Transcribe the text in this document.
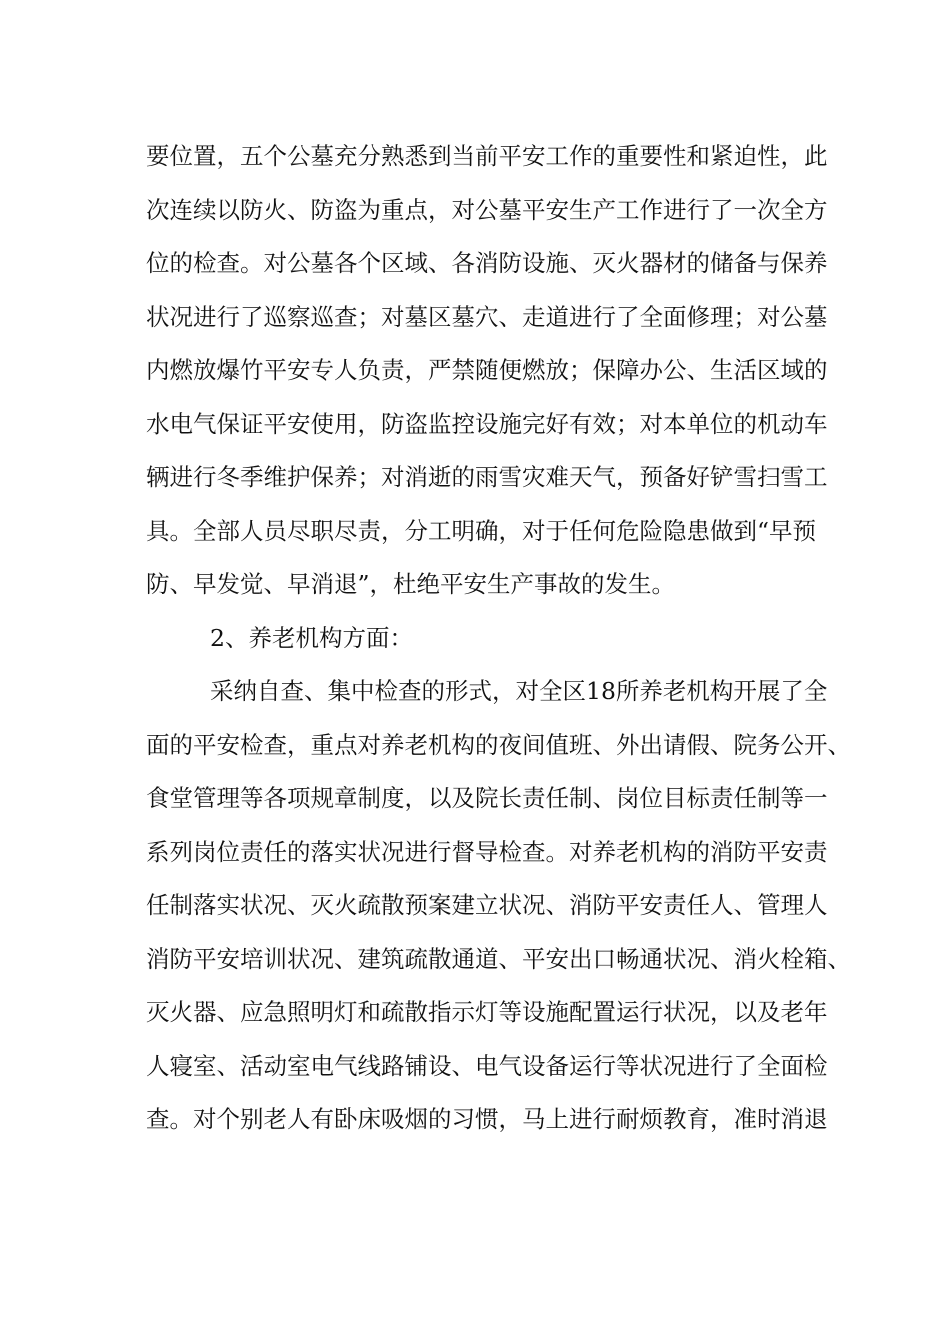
要位置，五个公墓充分熟悉到当前平安工作的重要性和紧迫性，此
次连续以防火、防盗为重点，对公墓平安生产工作进行了一次全方
位的检查。对公墓各个区域、各消防设施、灭火器材的储备与保养
状况进行了巡察巡查；对墓区墓穴、走道进行了全面修理；对公墓
内燃放爆竹平安专人负责，严禁随便燃放；保障办公、生活区域的
水电气保证平安使用，防盗监控设施完好有效；对本单位的机动车
辆进行冬季维护保养；对消逝的雨雪灾难天气，预备好铲雪扫雪工
具。全部人员尽职尽责，分工明确，对于任何危险隐患做到“早预
防、早发觉、早消退”，杜绝平安生产事故的发生。
2、养老机构方面：
采纳自查、集中检查的形式，对全区18所养老机构开展了全
面的平安检查，重点对养老机构的夜间值班、外出请假、院务公开、
食堂管理等各项规章制度，以及院长责任制、岗位目标责任制等一
系列岗位责任的落实状况进行督导检查。对养老机构的消防平安责
任制落实状况、灭火疏散预案建立状况、消防平安责任人、管理人
消防平安培训状况、建筑疏散通道、平安出口畅通状况、消火栓箱、
灭火器、应急照明灯和疏散指示灯等设施配置运行状况，以及老年
人寝室、活动室电气线路铺设、电气设备运行等状况进行了全面检
查。对个别老人有卧床吸烟的习惯，马上进行耐烦教育，准时消退
